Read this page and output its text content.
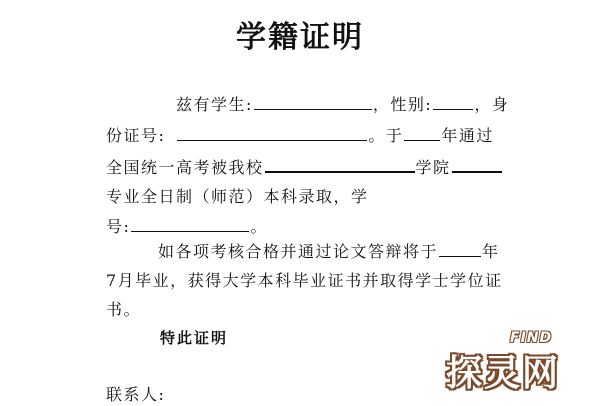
学籍证明
兹有学生:	，性别:	，身
份证号:	。于 年通过
全国统一高考被我校	学院
专业全日制（师范）本科录取，学
号:	。
如各项考核合格并通过论文答辩将于	年
7月毕业，获得大学本科毕业证书并取得学士学位证
书。
特此证明
联系人:
FIND
探灵网
